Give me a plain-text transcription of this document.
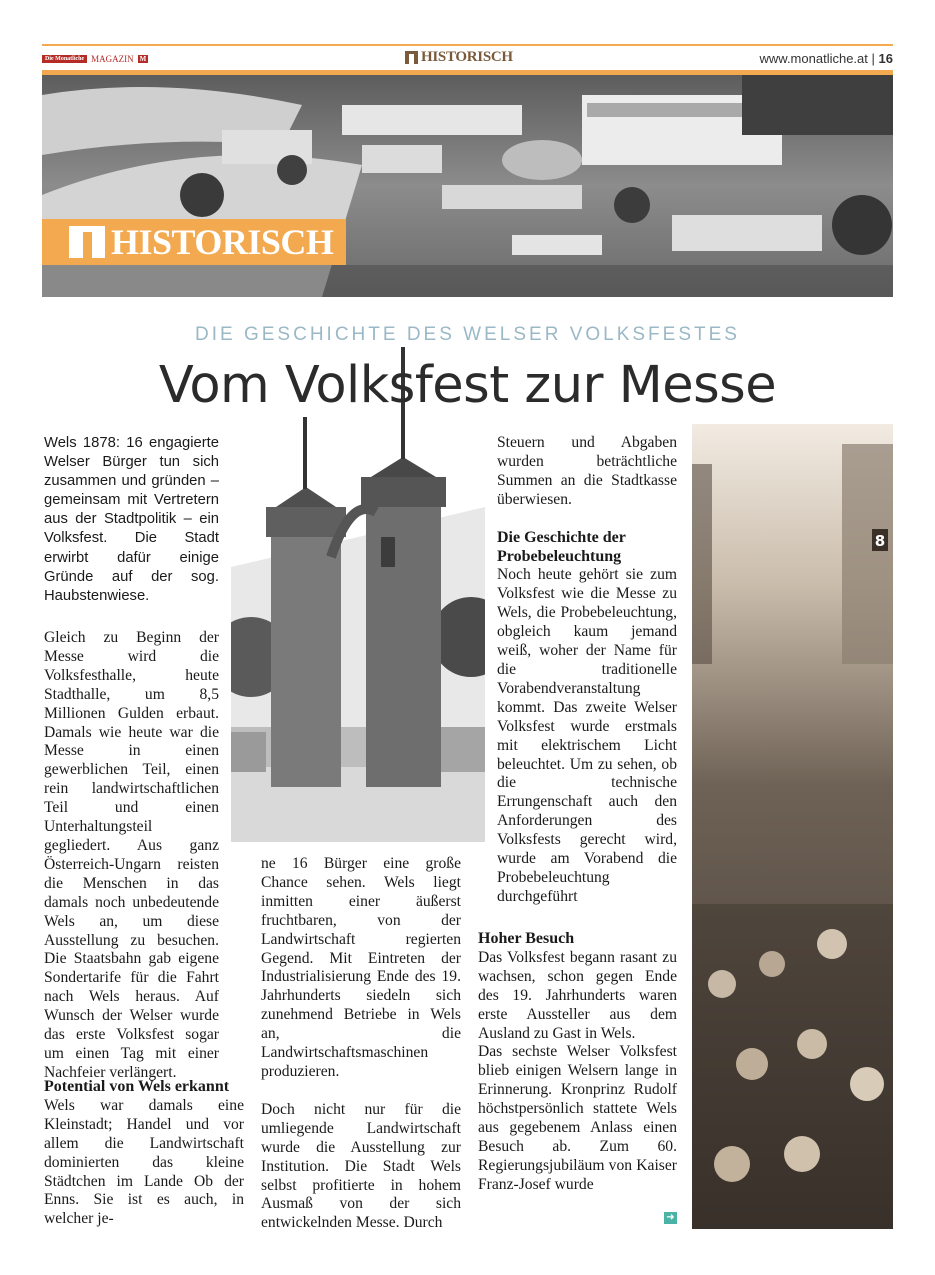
Die Monatliche MAGAZIN M	HISTORISCH	www.monatliche.at | 16
HISTORISCH
8
DIE GESCHICHTE DES WELSER VOLKSFESTES
Vom Volksfest zur Messe
Wels 1878: 16 engagierte Welser Bürger tun sich zusammen und gründen – gemeinsam mit Vertretern aus der Stadtpolitik – ein Volksfest. Die Stadt erwirbt dafür einige Gründe auf der sog. Haubstenwiese.

Gleich zu Beginn der Messe wird die Volksfesthalle, heute Stadthalle, um 8,5 Millionen Gulden erbaut. Damals wie heute war die Messe in einen gewerblichen Teil, einen rein landwirtschaftlichen Teil und einen Unterhaltungsteil gegliedert. Aus ganz Österreich-Ungarn reisten die Menschen in das damals noch unbedeutende Wels an, um diese Ausstellung zu besuchen. Die Staatsbahn gab eigene Sondertarife für die Fahrt nach Wels heraus. Auf Wunsch der Welser wurde das erste Volksfest sogar um einen Tag mit einer Nachfeier verlängert.

Potential von Wels erkannt

Wels war damals eine Kleinstadt; Handel und vor allem die Landwirtschaft dominierten das kleine Städtchen im Lande Ob der Enns. Sie ist es auch, in welcher je-

ne 16 Bürger eine große Chance sehen. Wels liegt inmitten einer äußerst fruchtbaren, von der Landwirtschaft regierten Gegend. Mit Eintreten der Industrialisierung Ende des 19. Jahrhunderts siedeln sich zunehmend Betriebe in Wels an, die Landwirtschaftsmaschinen produzieren.

Doch nicht nur für die umliegende Landwirtschaft wurde die Ausstellung zur Institution. Die Stadt Wels selbst profitierte in hohem Ausmaß von der sich entwickelnden Messe. Durch

Steuern und Abgaben wurden beträchtliche Summen an die Stadtkasse überwiesen.

Die Geschichte der Probebeleuchtung

Noch heute gehört sie zum Volksfest wie die Messe zu Wels, die Probebeleuchtung, obgleich kaum jemand weiß, woher der Name für die traditionelle Vorabendveranstaltung kommt. Das zweite Welser Volksfest wurde erstmals mit elektrischem Licht beleuchtet. Um zu sehen, ob die technische Errungenschaft auch den Anforderungen des Volksfests gerecht wird, wurde am Vorabend die Probebeleuchtung durchgeführt

Hoher Besuch

Das Volksfest begann rasant zu wachsen, schon gegen Ende des 19. Jahrhunderts waren erste Aussteller aus dem Ausland zu Gast in Wels.

Das sechste Welser Volksfest blieb einigen Welsern lange in Erinnerung. Kronprinz Rudolf höchstpersönlich stattete Wels aus gegebenem Anlass einen Besuch ab. Zum 60. Regierungsjubiläum von Kaiser Franz-Josef wurde

➜
